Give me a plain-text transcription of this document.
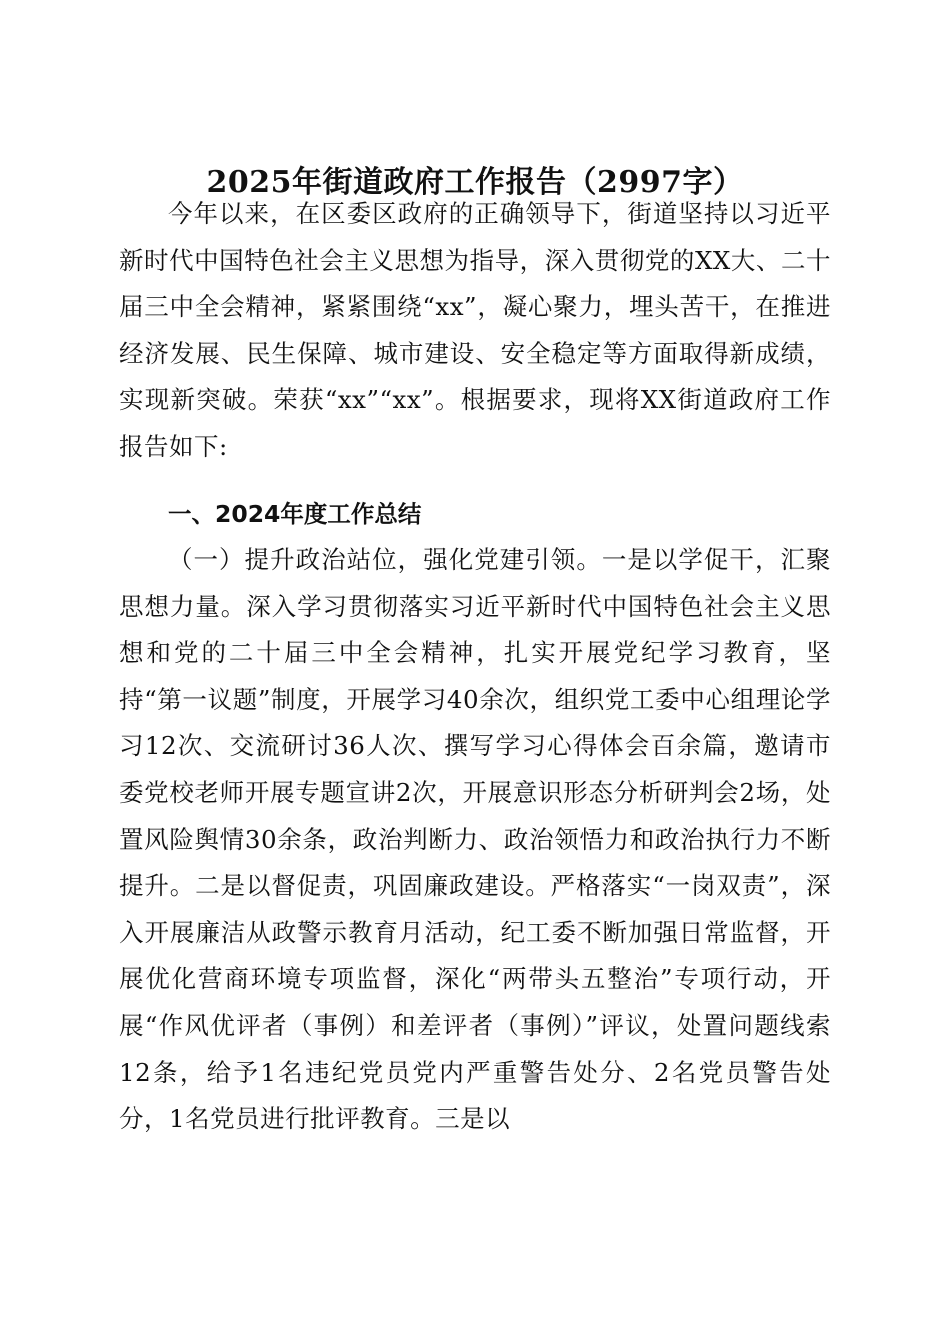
2025年街道政府工作报告（2997字）

今年以来，在区委区政府的正确领导下，街道坚持以习近平新时代中国特色社会主义思想为指导，深入贯彻党的XX大、二十届三中全会精神，紧紧围绕“xx”，凝心聚力，埋头苦干，在推进经济发展、民生保障、城市建设、安全稳定等方面取得新成绩，实现新突破。荣获“xx”“xx”。根据要求，现将XX街道政府工作报告如下:

一、2024年度工作总结

（一）提升政治站位，强化党建引领。一是以学促干，汇聚思想力量。深入学习贯彻落实习近平新时代中国特色社会主义思想和党的二十届三中全会精神，扎实开展党纪学习教育，坚持“第一议题”制度，开展学习40余次，组织党工委中心组理论学习12次、交流研讨36人次、撰写学习心得体会百余篇，邀请市委党校老师开展专题宣讲2次，开展意识形态分析研判会2场，处置风险舆情30余条，政治判断力、政治领悟力和政治执行力不断提升。二是以督促责，巩固廉政建设。严格落实“一岗双责”，深入开展廉洁从政警示教育月活动，纪工委不断加强日常监督，开展优化营商环境专项监督，深化“两带头五整治”专项行动，开展“作风优评者（事例）和差评者（事例）”评议，处置问题线索12条，给予1名违纪党员党内严重警告处分、2名党员警告处分，1名党员进行批评教育。三是以
